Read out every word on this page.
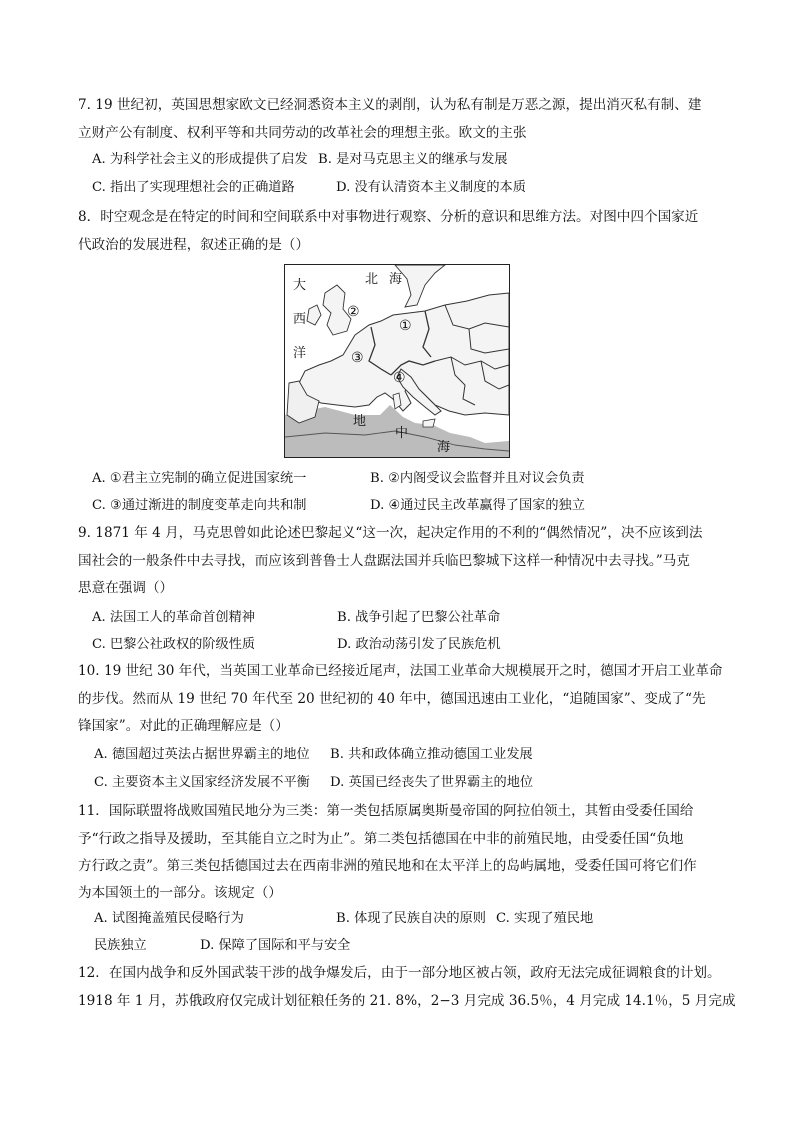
7. 19 世纪初，英国思想家欧文已经洞悉资本主义的剥削，认为私有制是万恶之源，提出消灭私有制、建
立财产公有制度、权利平等和共同劳动的改革社会的理想主张。欧文的主张
A. 为科学社会主义的形成提供了启发 B. 是对马克思主义的继承与发展
C. 指出了实现理想社会的正确道路	D. 没有认清资本主义制度的本质
8．时空观念是在特定的时间和空间联系中对事物进行观察、分析的意识和思维方法。对图中四个国家近
代政治的发展进程，叙述正确的是（）
大
西
洋
北 海
地
中
海
①
②
③
④
A. ①君主立宪制的确立促进国家统一	B. ②内阁受议会监督并且对议会负责
C. ③通过渐进的制度变革走向共和制	D. ④通过民主改革赢得了国家的独立
9. 1871 年 4 月，马克思曾如此论述巴黎起义“这一次，起决定作用的不利的“偶然情况”，决不应该到法
国社会的一般条件中去寻找，而应该到普鲁士人盘踞法国并兵临巴黎城下这样一种情况中去寻找。”马克
思意在强调（）
A. 法国工人的革命首创精神	B. 战争引起了巴黎公社革命
C. 巴黎公社政权的阶级性质	D. 政治动荡引发了民族危机
10. 19 世纪 30 年代，当英国工业革命已经接近尾声，法国工业革命大规模展开之时，德国才开启工业革命
的步伐。然而从 19 世纪 70 年代至 20 世纪初的 40 年中，德国迅速由工业化，“追随国家”、变成了“先
锋国家”。对此的正确理解应是（）
A. 德国超过英法占据世界霸主的地位 B. 共和政体确立推动德国工业发展
C. 主要资本主义国家经济发展不平衡 D. 英国已经丧失了世界霸主的地位
11．国际联盟将战败国殖民地分为三类：第一类包括原属奥斯曼帝国的阿拉伯领土，其暂由受委任国给
予“行政之指导及援助，至其能自立之时为止”。第二类包括德国在中非的前殖民地，由受委任国“负地
方行政之责”。第三类包括德国过去在西南非洲的殖民地和在太平洋上的岛屿属地，受委任国可将它们作
为本国领土的一部分。该规定（）
A. 试图掩盖殖民侵略行为	B. 体现了民族自决的原则 C. 实现了殖民地
民族独立	D. 保障了国际和平与安全
12．在国内战争和反外国武装干涉的战争爆发后，由于一部分地区被占领，政府无法完成征调粮食的计划。
1918 年 1 月，苏俄政府仅完成计划征粮任务的 21. 8%，2−3 月完成 36.5％，4 月完成 14.1％，5 月完成
